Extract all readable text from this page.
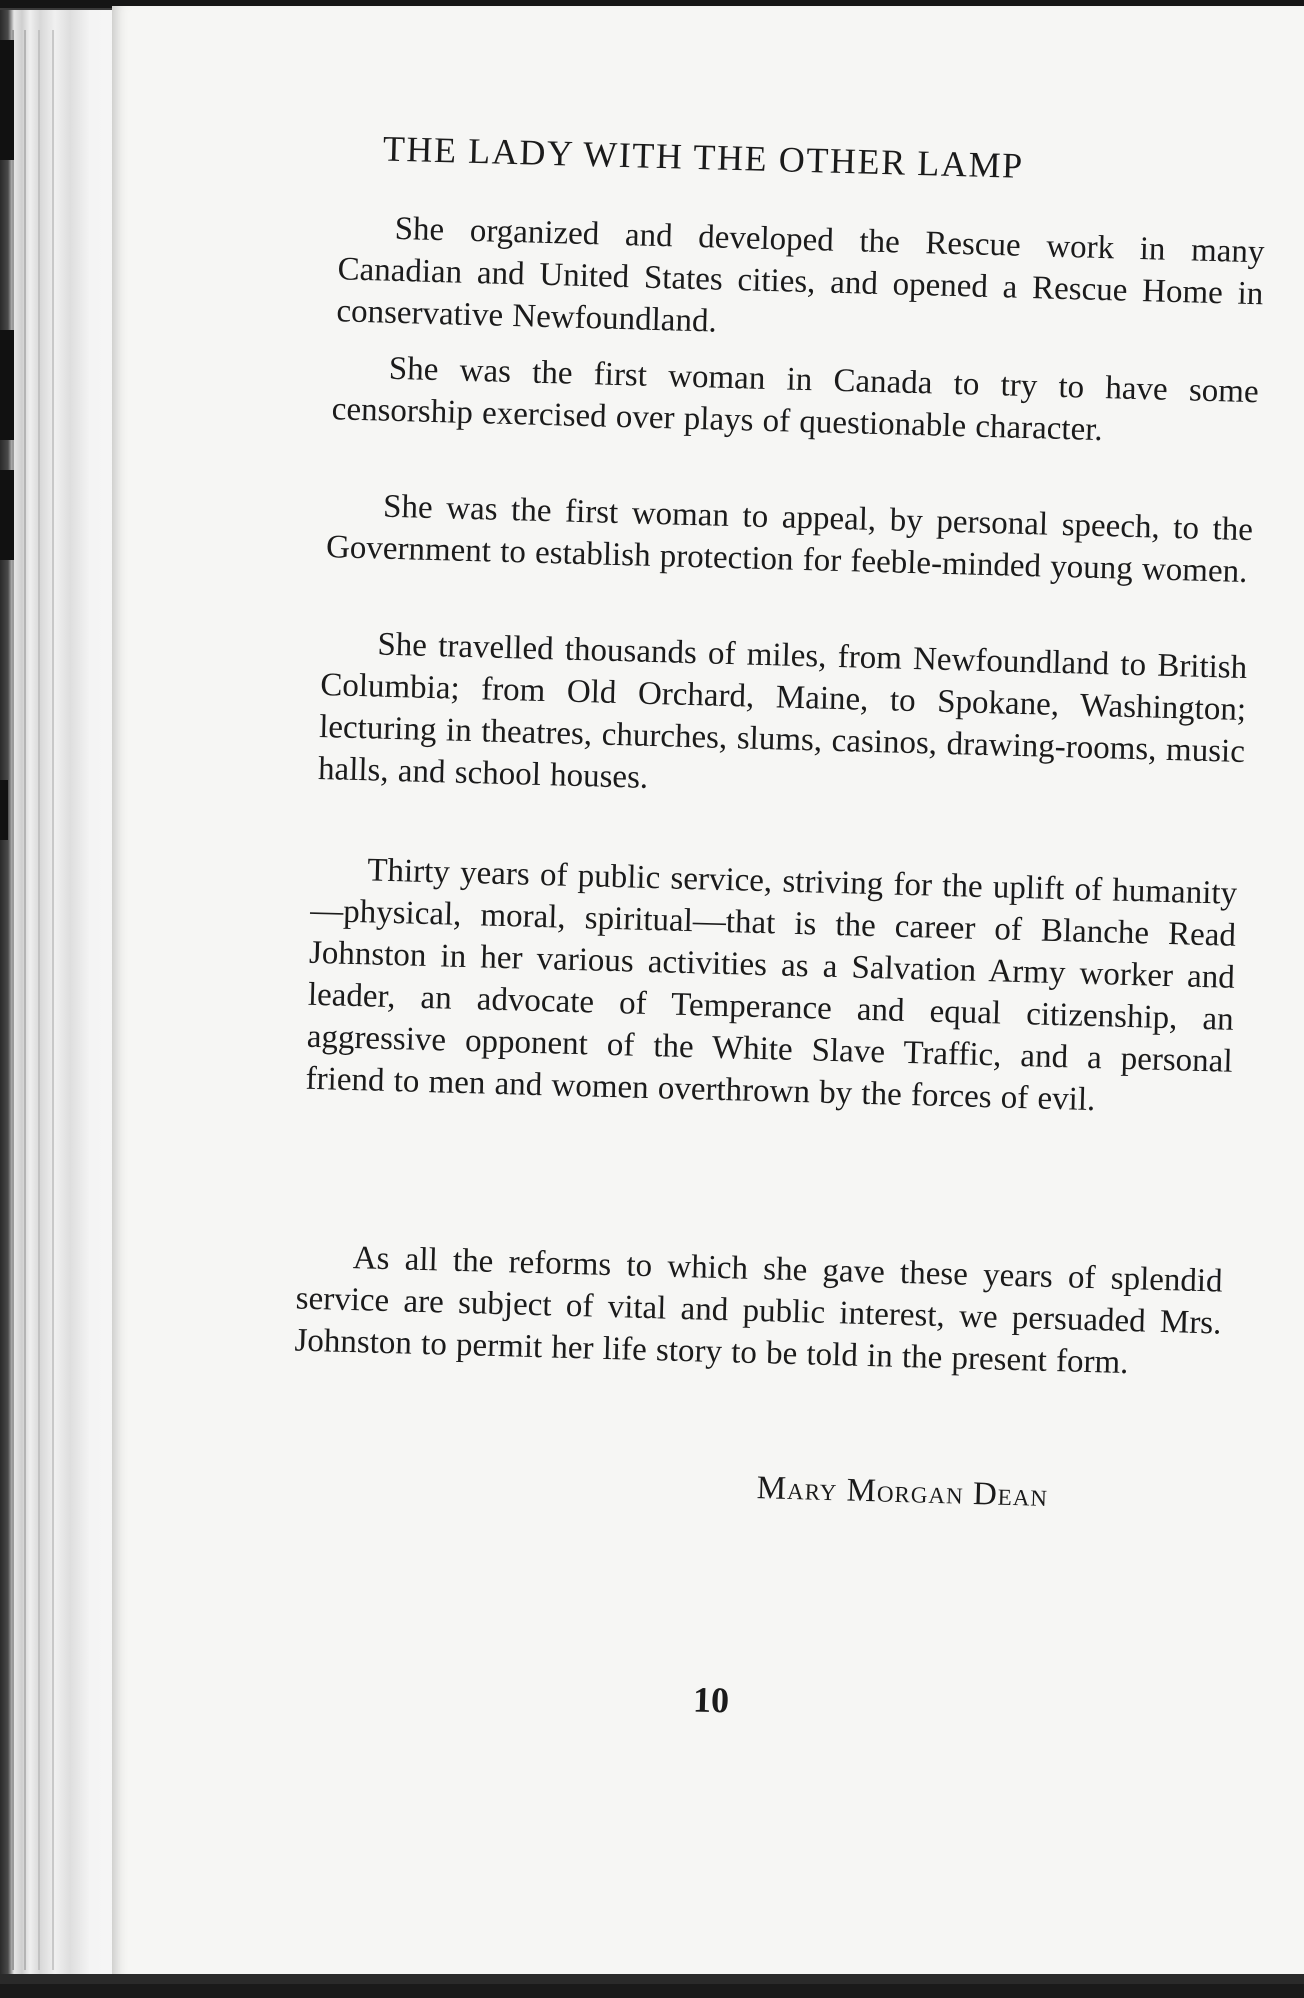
THE LADY WITH THE OTHER LAMP

She organized and developed the Rescue work in many Canadian and United States cities, and opened a Rescue Home in conservative Newfoundland.

She was the first woman in Canada to try to have some censorship exercised over plays of questionable character.

She was the first woman to appeal, by personal speech, to the Government to establish protection for feeble-minded young women.

She travelled thousands of miles, from Newfoundland to British Columbia; from Old Orchard, Maine, to Spokane, Washington; lecturing in theatres, churches, slums, casinos, drawing-rooms, music halls, and school houses.

Thirty years of public service, striving for the uplift of humanity—physical, moral, spiritual—that is the career of Blanche Read Johnston in her various activities as a Salvation Army worker and leader, an advocate of Temperance and equal citizenship, an aggressive opponent of the White Slave Traffic, and a personal friend to men and women overthrown by the forces of evil.

As all the reforms to which she gave these years of splendid service are subject of vital and public interest, we persuaded Mrs. Johnston to permit her life story to be told in the present form.

Mary Morgan Dean
10
